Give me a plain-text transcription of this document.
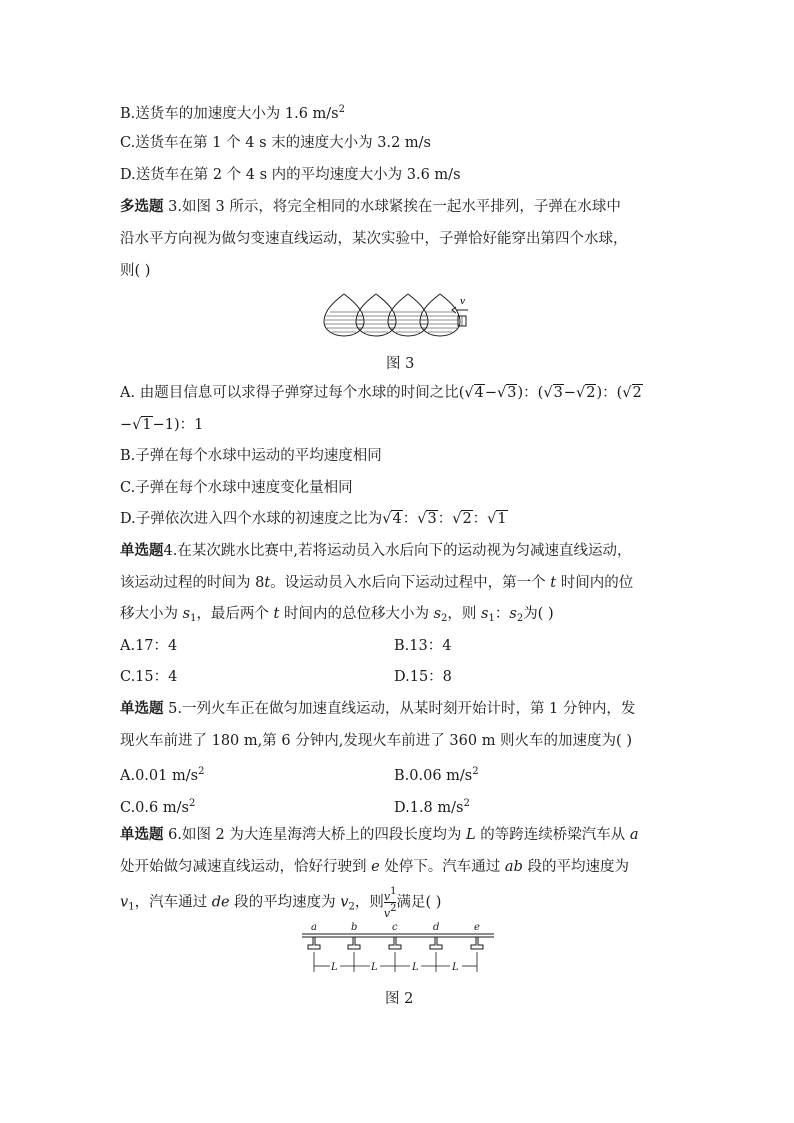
B.送货车的加速度大小为 1.6 $m/s^2$
C.送货车在第 1 个 4 s 末的速度大小为 3.2 m/s
D.送货车在第 2 个 4 s 内的平均速度大小为 3.6 m/s
多选题 3.如图 3 所示，将完全相同的水球紧挨在一起水平排列，子弹在水球中
沿水平方向视为做匀变速直线运动，某次实验中，子弹恰好能穿出第四个水球，
则( )
v
图 3
A. 由题目信息可以求得子弹穿过每个水球的时间之比(√4−√3)：(√3−√2)：(√2
−√1−1)：1
B.子弹在每个水球中运动的平均速度相同
C.子弹在每个水球中速度变化量相同
D.子弹依次进入四个水球的初速度之比为√4：√3：√2：√1
单选题4.在某次跳水比赛中,若将运动员入水后向下的运动视为匀减速直线运动，
该运动过程的时间为 8t。设运动员入水后向下运动过程中，第一个 t 时间内的位
移大小为 $s_1$，最后两个 t 时间内的总位移大小为 $s_2$，则 $s_1$：$s_2$为( )
A.17：4	B.13：4
C.15：4	D.15：8
单选题 5.一列火车正在做匀加速直线运动，从某时刻开始计时，第 1 分钟内，发
现火车前进了 180 m,第 6 分钟内,发现火车前进了 360 m 则火车的加速度为( )
A.0.01 $m/s^2$	B.0.06 $m/s^2$
C.0.6 $m/s^2$	D.1.8 $m/s^2$
单选题 6.如图 2 为大连星海湾大桥上的四段长度均为 L 的等跨连续桥梁汽车从 a
处开始做匀减速直线运动，恰好行驶到 e 处停下。汽车通过 ab 段的平均速度为
$v_1$，汽车通过 de 段的平均速度为 $v_2$，则 $\frac{v^1}{v^2}$ 满足( )
a	b	c	d	e
L	L	L	L
图 2
